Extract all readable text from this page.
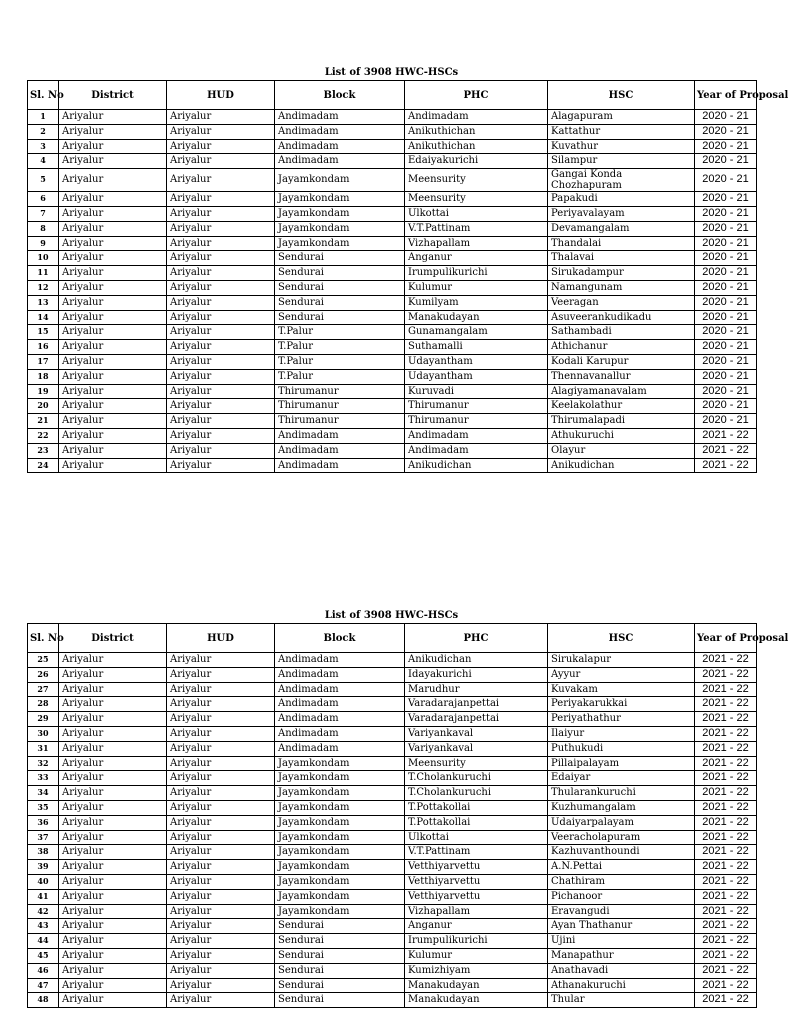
List of 3908 HWC-HSCs
Sl. No	District	HUD	Block	PHC	HSC	Year of Proposal
1	Ariyalur	Ariyalur	Andimadam	Andimadam	Alagapuram	2020 - 21
2	Ariyalur	Ariyalur	Andimadam	Anikuthichan	Kattathur	2020 - 21
3	Ariyalur	Ariyalur	Andimadam	Anikuthichan	Kuvathur	2020 - 21
4	Ariyalur	Ariyalur	Andimadam	Edaiyakurichi	Silampur	2020 - 21
5	Ariyalur	Ariyalur	Jayamkondam	Meensurity	Gangai Konda Chozhapuram	2020 - 21
6	Ariyalur	Ariyalur	Jayamkondam	Meensurity	Papakudi	2020 - 21
7	Ariyalur	Ariyalur	Jayamkondam	Ulkottai	Periyavalayam	2020 - 21
8	Ariyalur	Ariyalur	Jayamkondam	V.T.Pattinam	Devamangalam	2020 - 21
9	Ariyalur	Ariyalur	Jayamkondam	Vizhapallam	Thandalai	2020 - 21
10	Ariyalur	Ariyalur	Sendurai	Anganur	Thalavai	2020 - 21
11	Ariyalur	Ariyalur	Sendurai	Irumpulikurichi	Sirukadampur	2020 - 21
12	Ariyalur	Ariyalur	Sendurai	Kulumur	Namangunam	2020 - 21
13	Ariyalur	Ariyalur	Sendurai	Kumilyam	Veeragan	2020 - 21
14	Ariyalur	Ariyalur	Sendurai	Manakudayan	Asuveerankudikadu	2020 - 21
15	Ariyalur	Ariyalur	T.Palur	Gunamangalam	Sathambadi	2020 - 21
16	Ariyalur	Ariyalur	T.Palur	Suthamalli	Athichanur	2020 - 21
17	Ariyalur	Ariyalur	T.Palur	Udayantham	Kodali Karupur	2020 - 21
18	Ariyalur	Ariyalur	T.Palur	Udayantham	Thennavanallur	2020 - 21
19	Ariyalur	Ariyalur	Thirumanur	Kuruvadi	Alagiyamanavalam	2020 - 21
20	Ariyalur	Ariyalur	Thirumanur	Thirumanur	Keelakolathur	2020 - 21
21	Ariyalur	Ariyalur	Thirumanur	Thirumanur	Thirumalapadi	2020 - 21
22	Ariyalur	Ariyalur	Andimadam	Andimadam	Athukuruchi	2021 - 22
23	Ariyalur	Ariyalur	Andimadam	Andimadam	Olayur	2021 - 22
24	Ariyalur	Ariyalur	Andimadam	Anikudichan	Anikudichan	2021 - 22
List of 3908 HWC-HSCs
Sl. No	District	HUD	Block	PHC	HSC	Year of Proposal
25	Ariyalur	Ariyalur	Andimadam	Anikudichan	Sirukalapur	2021 - 22
26	Ariyalur	Ariyalur	Andimadam	Idayakurichi	Ayyur	2021 - 22
27	Ariyalur	Ariyalur	Andimadam	Marudhur	Kuvakam	2021 - 22
28	Ariyalur	Ariyalur	Andimadam	Varadarajanpettai	Periyakarukkai	2021 - 22
29	Ariyalur	Ariyalur	Andimadam	Varadarajanpettai	Periyathathur	2021 - 22
30	Ariyalur	Ariyalur	Andimadam	Variyankaval	Ilaiyur	2021 - 22
31	Ariyalur	Ariyalur	Andimadam	Variyankaval	Puthukudi	2021 - 22
32	Ariyalur	Ariyalur	Jayamkondam	Meensurity	Pillaipalayam	2021 - 22
33	Ariyalur	Ariyalur	Jayamkondam	T.Cholankuruchi	Edaiyar	2021 - 22
34	Ariyalur	Ariyalur	Jayamkondam	T.Cholankuruchi	Thularankuruchi	2021 - 22
35	Ariyalur	Ariyalur	Jayamkondam	T.Pottakollai	Kuzhumangalam	2021 - 22
36	Ariyalur	Ariyalur	Jayamkondam	T.Pottakollai	Udaiyarpalayam	2021 - 22
37	Ariyalur	Ariyalur	Jayamkondam	Ulkottai	Veeracholapuram	2021 - 22
38	Ariyalur	Ariyalur	Jayamkondam	V.T.Pattinam	Kazhuvanthoundi	2021 - 22
39	Ariyalur	Ariyalur	Jayamkondam	Vetthiyarvettu	A.N.Pettai	2021 - 22
40	Ariyalur	Ariyalur	Jayamkondam	Vetthiyarvettu	Chathiram	2021 - 22
41	Ariyalur	Ariyalur	Jayamkondam	Vetthiyarvettu	Pichanoor	2021 - 22
42	Ariyalur	Ariyalur	Jayamkondam	Vizhapallam	Eravangudi	2021 - 22
43	Ariyalur	Ariyalur	Sendurai	Anganur	Ayan Thathanur	2021 - 22
44	Ariyalur	Ariyalur	Sendurai	Irumpulikurichi	Ujini	2021 - 22
45	Ariyalur	Ariyalur	Sendurai	Kulumur	Manapathur	2021 - 22
46	Ariyalur	Ariyalur	Sendurai	Kumizhiyam	Anathavadi	2021 - 22
47	Ariyalur	Ariyalur	Sendurai	Manakudayan	Athanakuruchi	2021 - 22
48	Ariyalur	Ariyalur	Sendurai	Manakudayan	Thular	2021 - 22
